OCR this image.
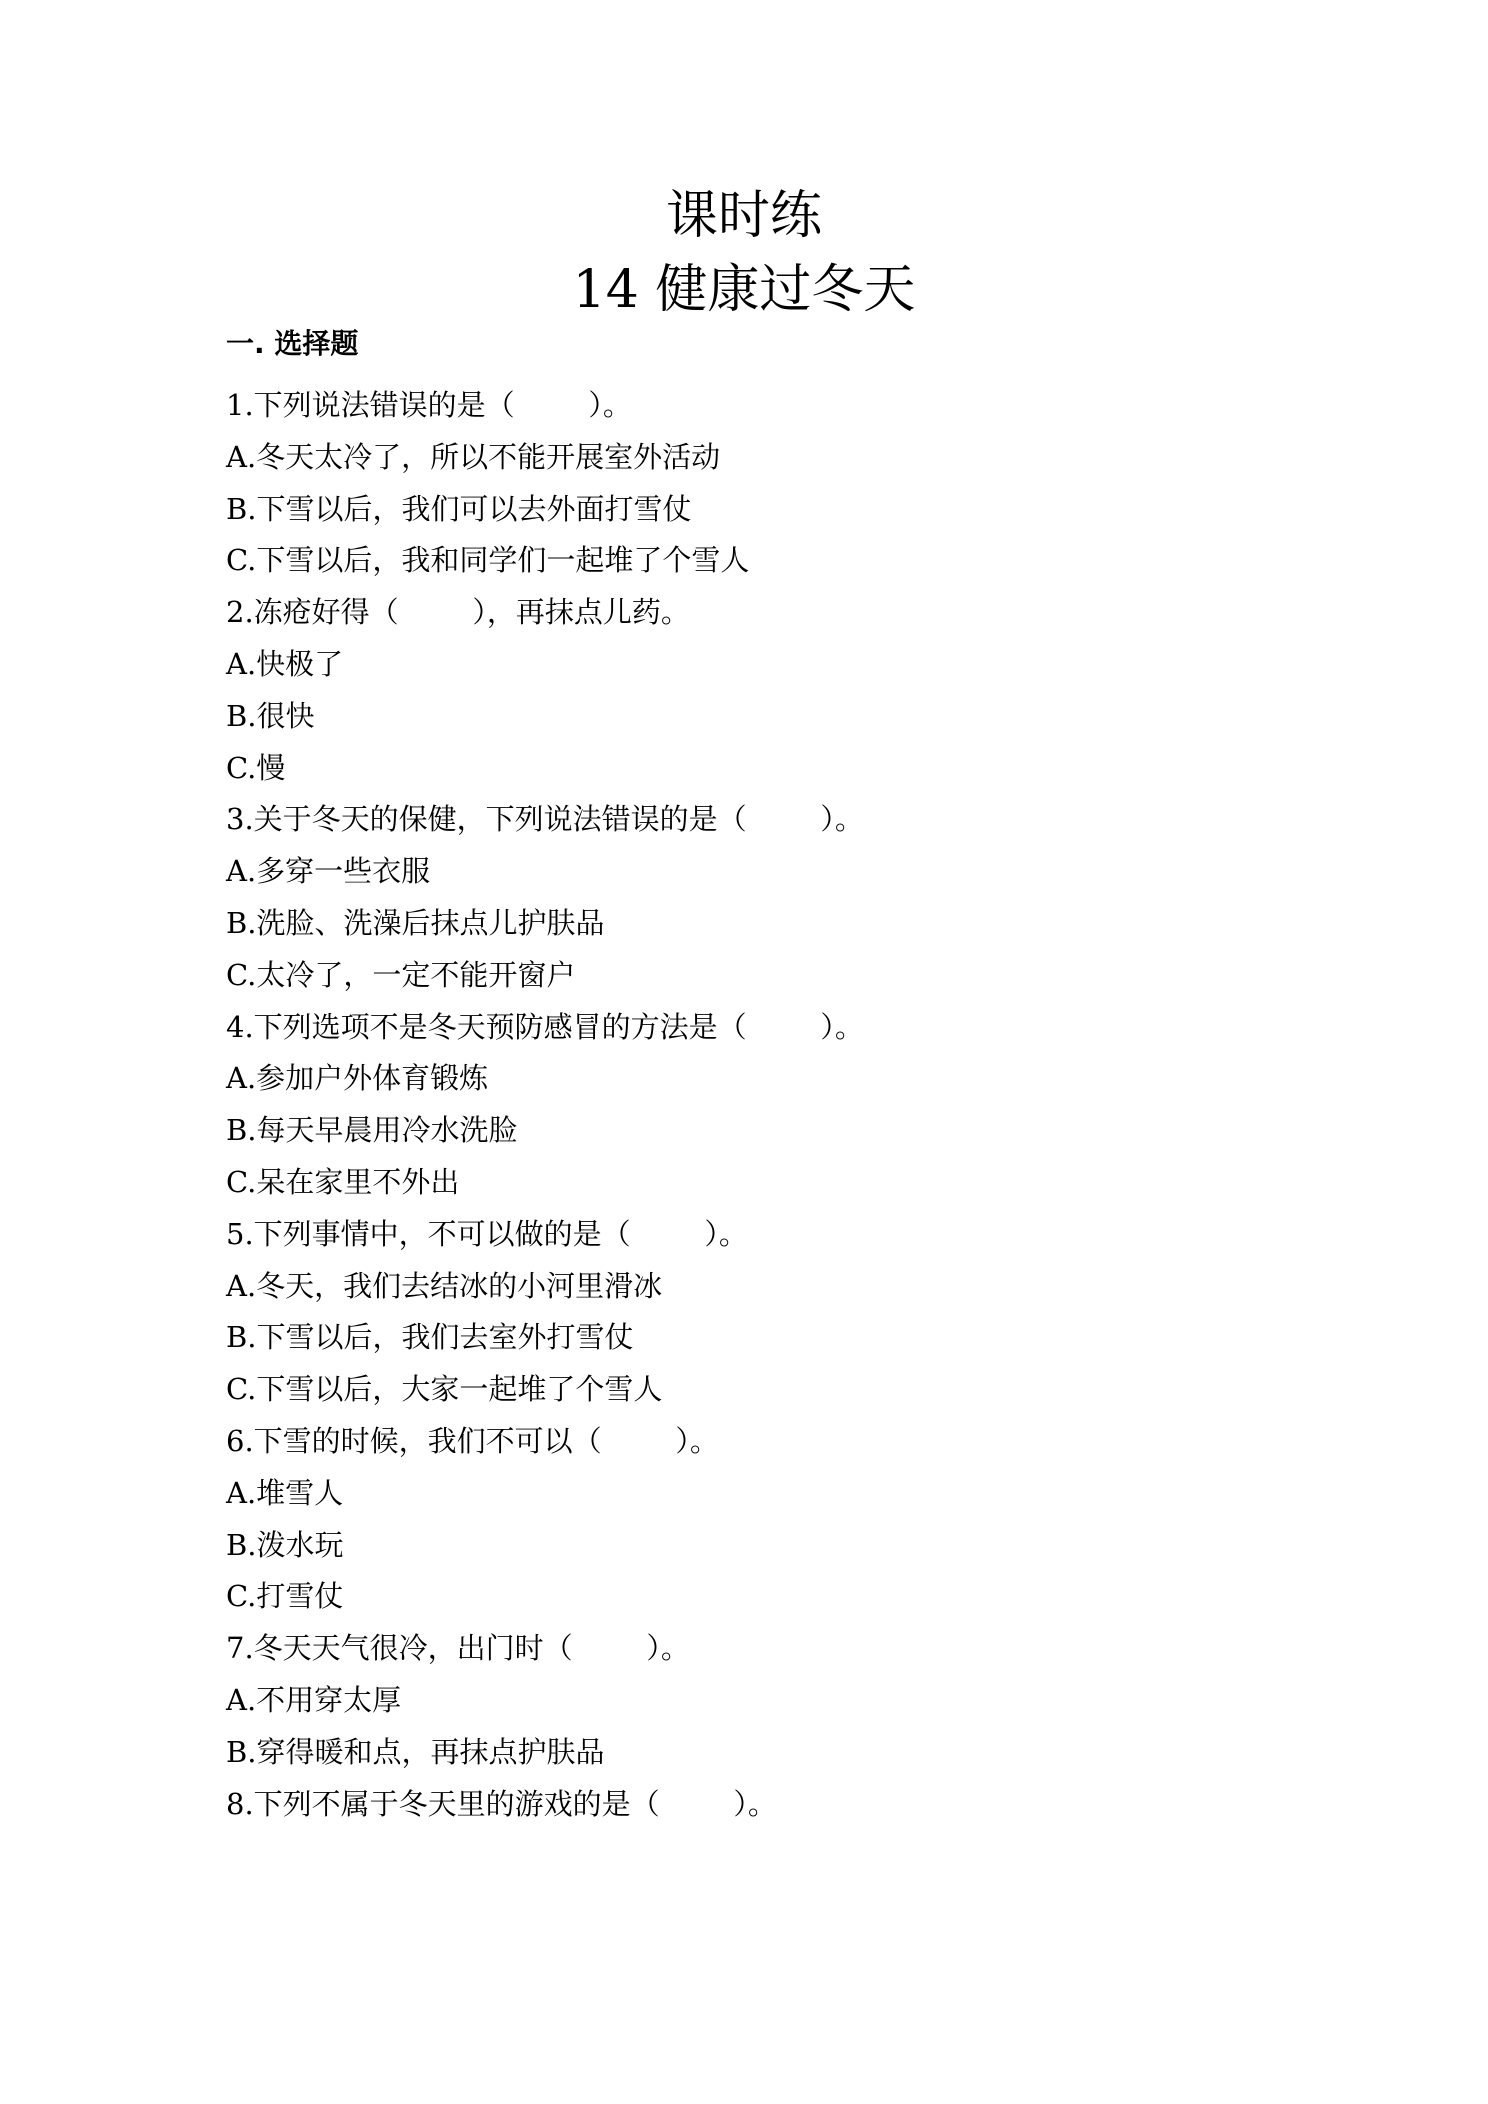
课时练
14 健康过冬天
一. 选择题
1.下列说法错误的是（        ）。
A.冬天太冷了，所以不能开展室外活动
B.下雪以后，我们可以去外面打雪仗
C.下雪以后，我和同学们一起堆了个雪人
2.冻疮好得（        ），再抹点儿药。
A.快极了
B.很快
C.慢
3.关于冬天的保健，下列说法错误的是（        ）。
A.多穿一些衣服
B.洗脸、洗澡后抹点儿护肤品
C.太冷了，一定不能开窗户
4.下列选项不是冬天预防感冒的方法是（        ）。
A.参加户外体育锻炼
B.每天早晨用冷水洗脸
C.呆在家里不外出
5.下列事情中，不可以做的是（        ）。
A.冬天，我们去结冰的小河里滑冰
B.下雪以后，我们去室外打雪仗
C.下雪以后，大家一起堆了个雪人
6.下雪的时候，我们不可以（        ）。
A.堆雪人
B.泼水玩
C.打雪仗
7.冬天天气很冷，出门时（        ）。
A.不用穿太厚
B.穿得暖和点，再抹点护肤品
8.下列不属于冬天里的游戏的是（        ）。
